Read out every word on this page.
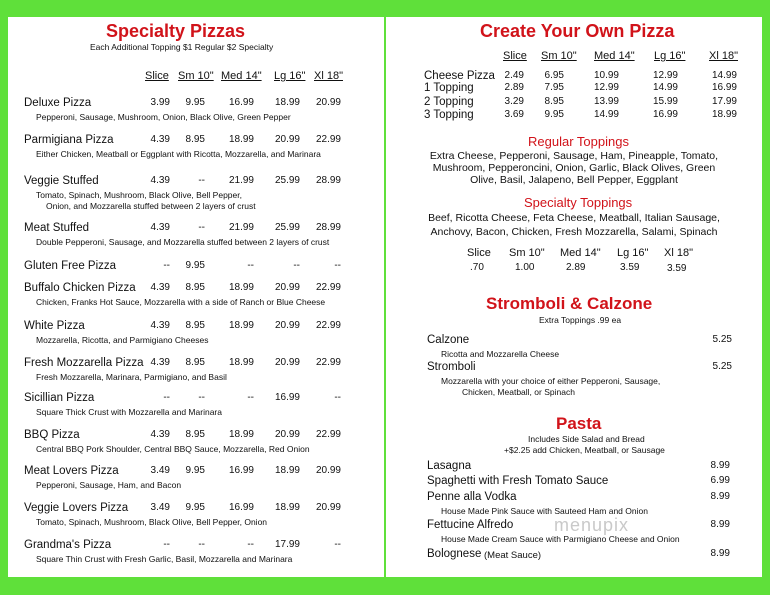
Specialty Pizzas
Each Additional Topping $1 Regular $2 Specialty
Slice Sm 10" Med 14" Lg 16" Xl 18"
Deluxe Pizza	3.99	9.95	16.99	18.99	20.99
Pepperoni, Sausage, Mushroom, Onion, Black Olive, Green Pepper
Parmigiana Pizza	4.39	8.95	18.99	20.99	22.99
Either Chicken, Meatball or Eggplant with Ricotta, Mozzarella, and Marinara
Veggie Stuffed	4.39	--	21.99	25.99	28.99
Tomato, Spinach, Mushroom, Black Olive, Bell Pepper,
Onion, and Mozzarella stuffed between 2 layers of crust
Meat Stuffed	4.39	--	21.99	25.99	28.99
Double Pepperoni, Sausage, and Mozzarella stuffed between 2 layers of crust
Gluten Free Pizza	--	9.95	--	--	--
Buffalo Chicken Pizza	4.39	8.95	18.99	20.99	22.99
Chicken, Franks Hot Sauce, Mozzarella with a side of Ranch or Blue Cheese
White Pizza	4.39	8.95	18.99	20.99	22.99
Mozzarella, Ricotta, and Parmigiano Cheeses
Fresh Mozzarella Pizza 4.39	8.95	18.99	20.99	22.99
Fresh Mozzarella, Marinara, Parmigiano, and Basil
Sicillian Pizza	--	--	--	16.99	--
Square Thick Crust with Mozzarella and Marinara
BBQ Pizza	4.39	8.95	18.99	20.99	22.99
Central BBQ Pork Shoulder, Central BBQ Sauce, Mozzarella, Red Onion
Meat Lovers Pizza	3.49	9.95	16.99	18.99	20.99
Pepperoni, Sausage, Ham, and Bacon
Veggie Lovers Pizza	3.49	9.95	16.99	18.99	20.99
Tomato, Spinach, Mushroom, Black Olive, Bell Pepper, Onion
Grandma's Pizza	--	--	--	17.99	--
Square Thin Crust with Fresh Garlic, Basil, Mozzarella and Marinara
Create Your Own Pizza
Slice Sm 10" Med 14" Lg 16" Xl 18"
Cheese Pizza 2.49	6.95	10.99	12.99	14.99
1 Topping	2.89	7.95	12.99	14.99	16.99
2 Topping	3.29	8.95	13.99	15.99	17.99
3 Topping	3.69	9.95	14.99	16.99	18.99
Regular Toppings
Extra Cheese, Pepperoni, Sausage, Ham, Pineapple, Tomato,
Mushroom, Pepperoncini, Onion, Garlic, Black Olives, Green
Olive, Basil, Jalapeno, Bell Pepper, Eggplant
Specialty Toppings
Beef, Ricotta Cheese, Feta Cheese, Meatball, Italian Sausage,
Anchovy, Bacon, Chicken, Fresh Mozzarella, Salami, Spinach
Slice Sm 10" Med 14" Lg 16" Xl 18"
.70	1.00	2.89	3.59	3.59
Stromboli & Calzone
Extra Toppings .99 ea
Calzone	5.25
Ricotta and Mozzarella Cheese
Stromboli	5.25
Mozzarella with your choice of either Pepperoni, Sausage,
Chicken, Meatball, or Spinach
Pasta
Includes Side Salad and Bread
+$2.25 add Chicken, Meatball, or Sausage
Lasagna	8.99
Spaghetti with Fresh Tomato Sauce	6.99
Penne alla Vodka	8.99
House Made Pink Sauce with Sauteed Ham and Onion
Fettucine Alfredo	8.99
House Made Cream Sauce with Parmigiano Cheese and Onion
Bolognese	8.99
(Meat Sauce)
menupix
